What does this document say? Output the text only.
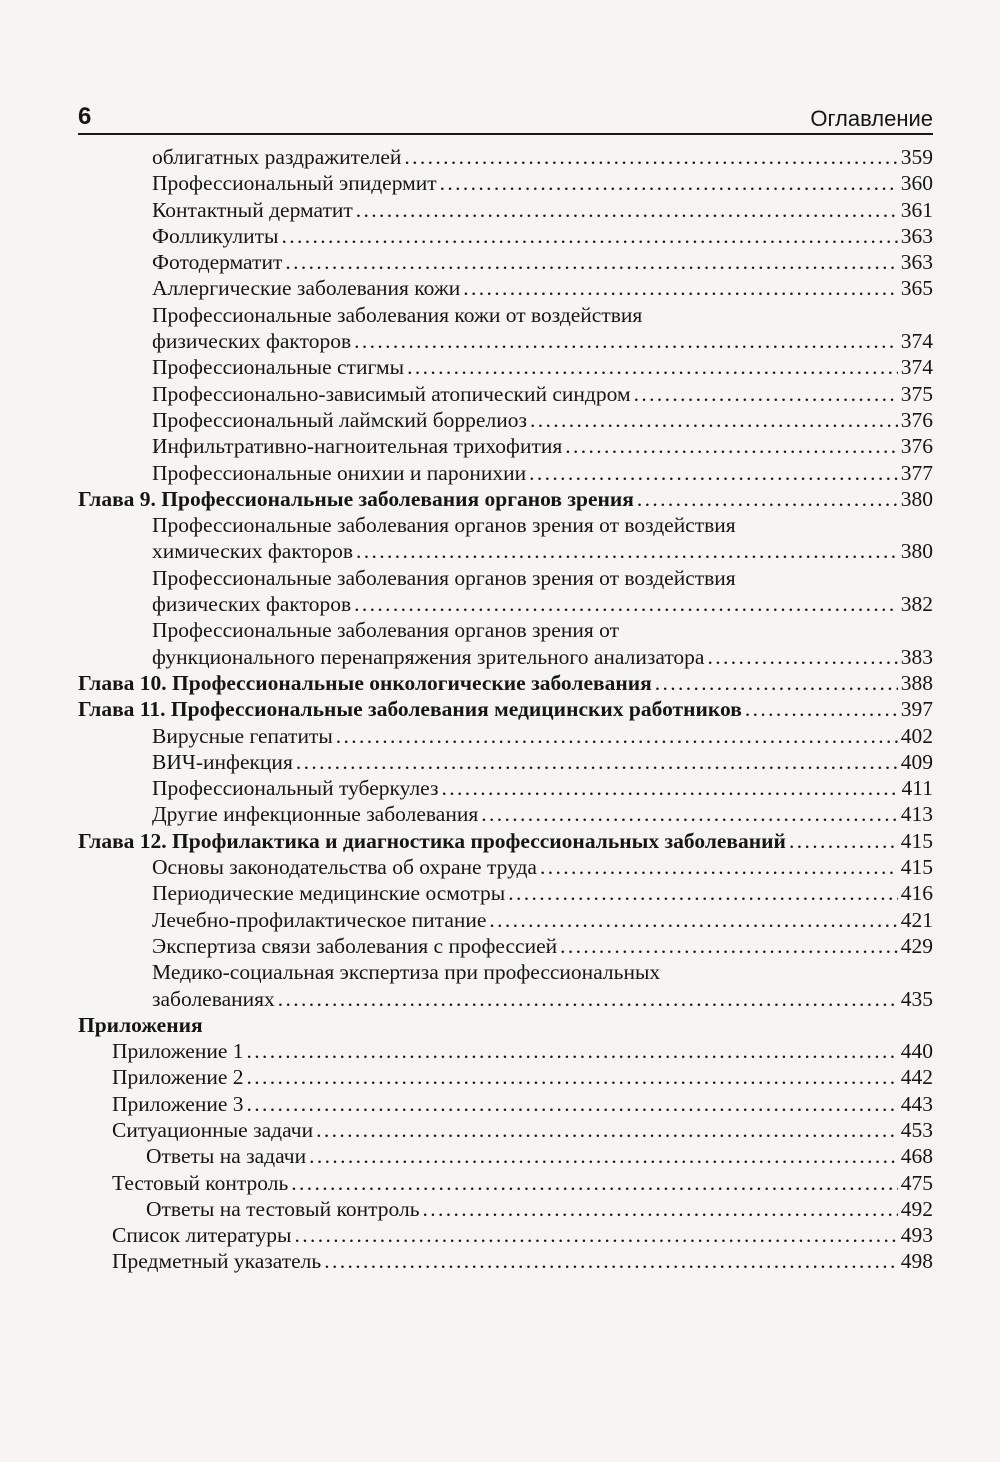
6	Оглавление
облигатных раздражителей . . .	359
Профессиональный эпидермит . . .	360
Контактный дерматит . . .	361
Фолликулиты . . .	363
Фотодерматит . . .	363
Аллергические заболевания кожи . . .	365
Профессиональные заболевания кожи от воздействия
физических факторов . . .	374
Профессиональные стигмы . . .	374
Профессионально-зависимый атопический синдром . . .	375
Профессиональный лаймский боррелиоз . . .	376
Инфильтративно-нагноительная трихофития . . .	376
Профессиональные онихии и паронихии . . .	377
Глава 9. Профессиональные заболевания органов зрения . . .	380
Профессиональные заболевания органов зрения от воздействия
химических факторов . . .	380
Профессиональные заболевания органов зрения от воздействия
физических факторов . . .	382
Профессиональные заболевания органов зрения от
функционального перенапряжения зрительного анализатора . . .	383
Глава 10. Профессиональные онкологические заболевания . . .	388
Глава 11. Профессиональные заболевания медицинских работников . . .	397
Вирусные гепатиты . . .	402
ВИЧ-инфекция . . .	409
Профессиональный туберкулез . . .	411
Другие инфекционные заболевания . . .	413
Глава 12. Профилактика и диагностика профессиональных заболеваний . . .	415
Основы законодательства об охране труда . . .	415
Периодические медицинские осмотры . . .	416
Лечебно-профилактическое питание . . .	421
Экспертиза связи заболевания с профессией . . .	429
Медико-социальная экспертиза при профессиональных
заболеваниях . . .	435
Приложения
Приложение 1 . . .	440
Приложение 2 . . .	442
Приложение 3 . . .	443
Ситуационные задачи . . .	453
Ответы на задачи . . .	468
Тестовый контроль . . .	475
Ответы на тестовый контроль . . .	492
Список литературы . . .	493
Предметный указатель . . .	498
